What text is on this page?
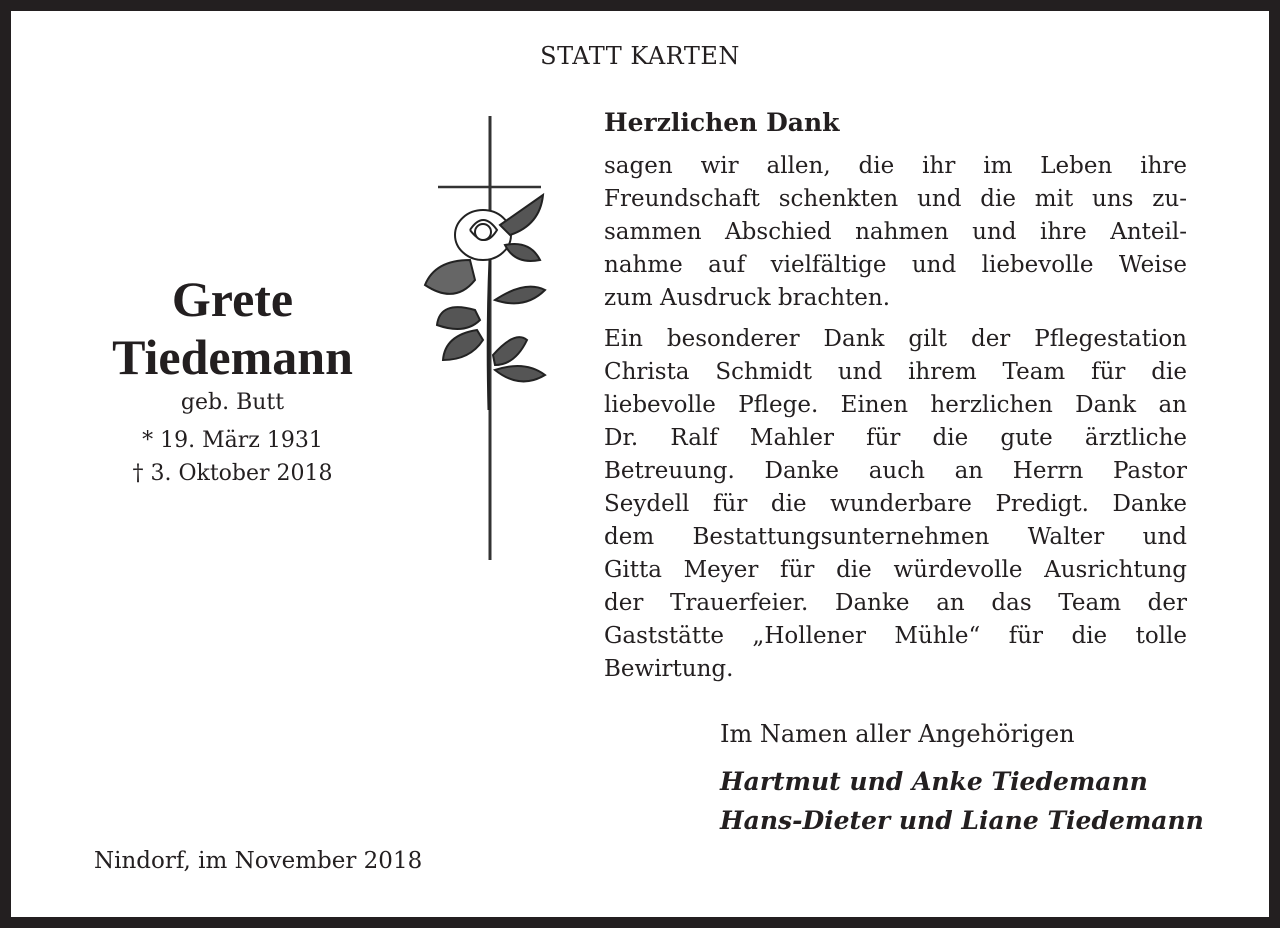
STATT KARTEN
Grete
Tiedemann
geb. Butt
* 19. März 1931
† 3. Oktober 2018
Herzlichen Dank
sagen wir allen, die ihr im Leben ihre
Freundschaft schenkten und die mit uns zu-
sammen Abschied nahmen und ihre Anteil-
nahme auf vielfältige und liebevolle Weise
zum Ausdruck brachten.
Ein besonderer Dank gilt der Pflegestation
Christa Schmidt und ihrem Team für die
liebevolle Pflege. Einen herzlichen Dank an
Dr. Ralf Mahler für die gute ärztliche
Betreuung. Danke auch an Herrn Pastor
Seydell für die wunderbare Predigt. Danke
dem Bestattungsunternehmen Walter und
Gitta Meyer für die würdevolle Ausrichtung
der Trauerfeier. Danke an das Team der
Gaststätte „Hollener Mühle“ für die tolle
Bewirtung.
Im Namen aller Angehörigen
Hartmut und Anke Tiedemann
Hans-Dieter und Liane Tiedemann
Nindorf, im November 2018
